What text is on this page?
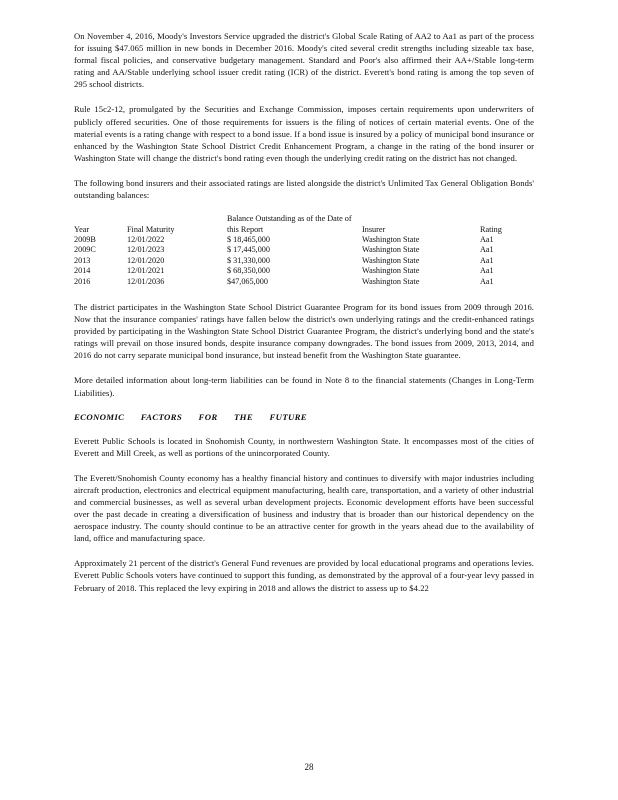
On November 4, 2016, Moody's Investors Service upgraded the district's Global Scale Rating of AA2 to Aa1 as part of the process for issuing $47.065 million in new bonds in December 2016. Moody's cited several credit strengths including sizeable tax base, formal fiscal policies, and conservative budgetary management. Standard and Poor's also affirmed their AA+/Stable long-term rating and AA/Stable underlying school issuer credit rating (ICR) of the district. Everett's bond rating is among the top seven of 295 school districts.

Rule 15c2-12, promulgated by the Securities and Exchange Commission, imposes certain requirements upon underwriters of publicly offered securities. One of those requirements for issuers is the filing of notices of certain material events. One of the material events is a rating change with respect to a bond issue. If a bond issue is insured by a policy of municipal bond insurance or enhanced by the Washington State School District Credit Enhancement Program, a change in the rating of the bond insurer or Washington State will change the district's bond rating even though the underlying credit rating on the district has not changed.

The following bond insurers and their associated ratings are listed alongside the district's Unlimited Tax General Obligation Bonds' outstanding balances:

Year	Final Maturity	Balance Outstanding as of the Date of this Report	Insurer	Rating
2009B	12/01/2022	$ 18,465,000	Washington State	Aa1
2009C	12/01/2023	$ 17,445,000	Washington State	Aa1
2013	12/01/2020	$ 31,330,000	Washington State	Aa1
2014	12/01/2021	$ 68,350,000	Washington State	Aa1
2016	12/01/2036	$47,065,000	Washington State	Aa1

The district participates in the Washington State School District Guarantee Program for its bond issues from 2009 through 2016. Now that the insurance companies' ratings have fallen below the district's own underlying ratings and the credit-enhanced ratings provided by participating in the Washington State School District Guarantee Program, the district's underlying bond and the state's ratings will prevail on those insured bonds, despite insurance company downgrades. The bond issues from 2009, 2013, 2014, and 2016 do not carry separate municipal bond insurance, but instead benefit from the Washington State guarantee.

More detailed information about long-term liabilities can be found in Note 8 to the financial statements (Changes in Long-Term Liabilities).

ECONOMIC FACTORS FOR THE FUTURE

Everett Public Schools is located in Snohomish County, in northwestern Washington State. It encompasses most of the cities of Everett and Mill Creek, as well as portions of the unincorporated County.

The Everett/Snohomish County economy has a healthy financial history and continues to diversify with major industries including aircraft production, electronics and electrical equipment manufacturing, health care, transportation, and a variety of other industrial and commercial businesses, as well as several urban development projects. Economic development efforts have been successful over the past decade in creating a diversification of business and industry that is broader than our historical dependency on the aerospace industry. The county should continue to be an attractive center for growth in the years ahead due to the availability of land, office and manufacturing space.

Approximately 21 percent of the district's General Fund revenues are provided by local educational programs and operations levies. Everett Public Schools voters have continued to support this funding, as demonstrated by the approval of a four-year levy passed in February of 2018. This replaced the levy expiring in 2018 and allows the district to assess up to $4.22

28
